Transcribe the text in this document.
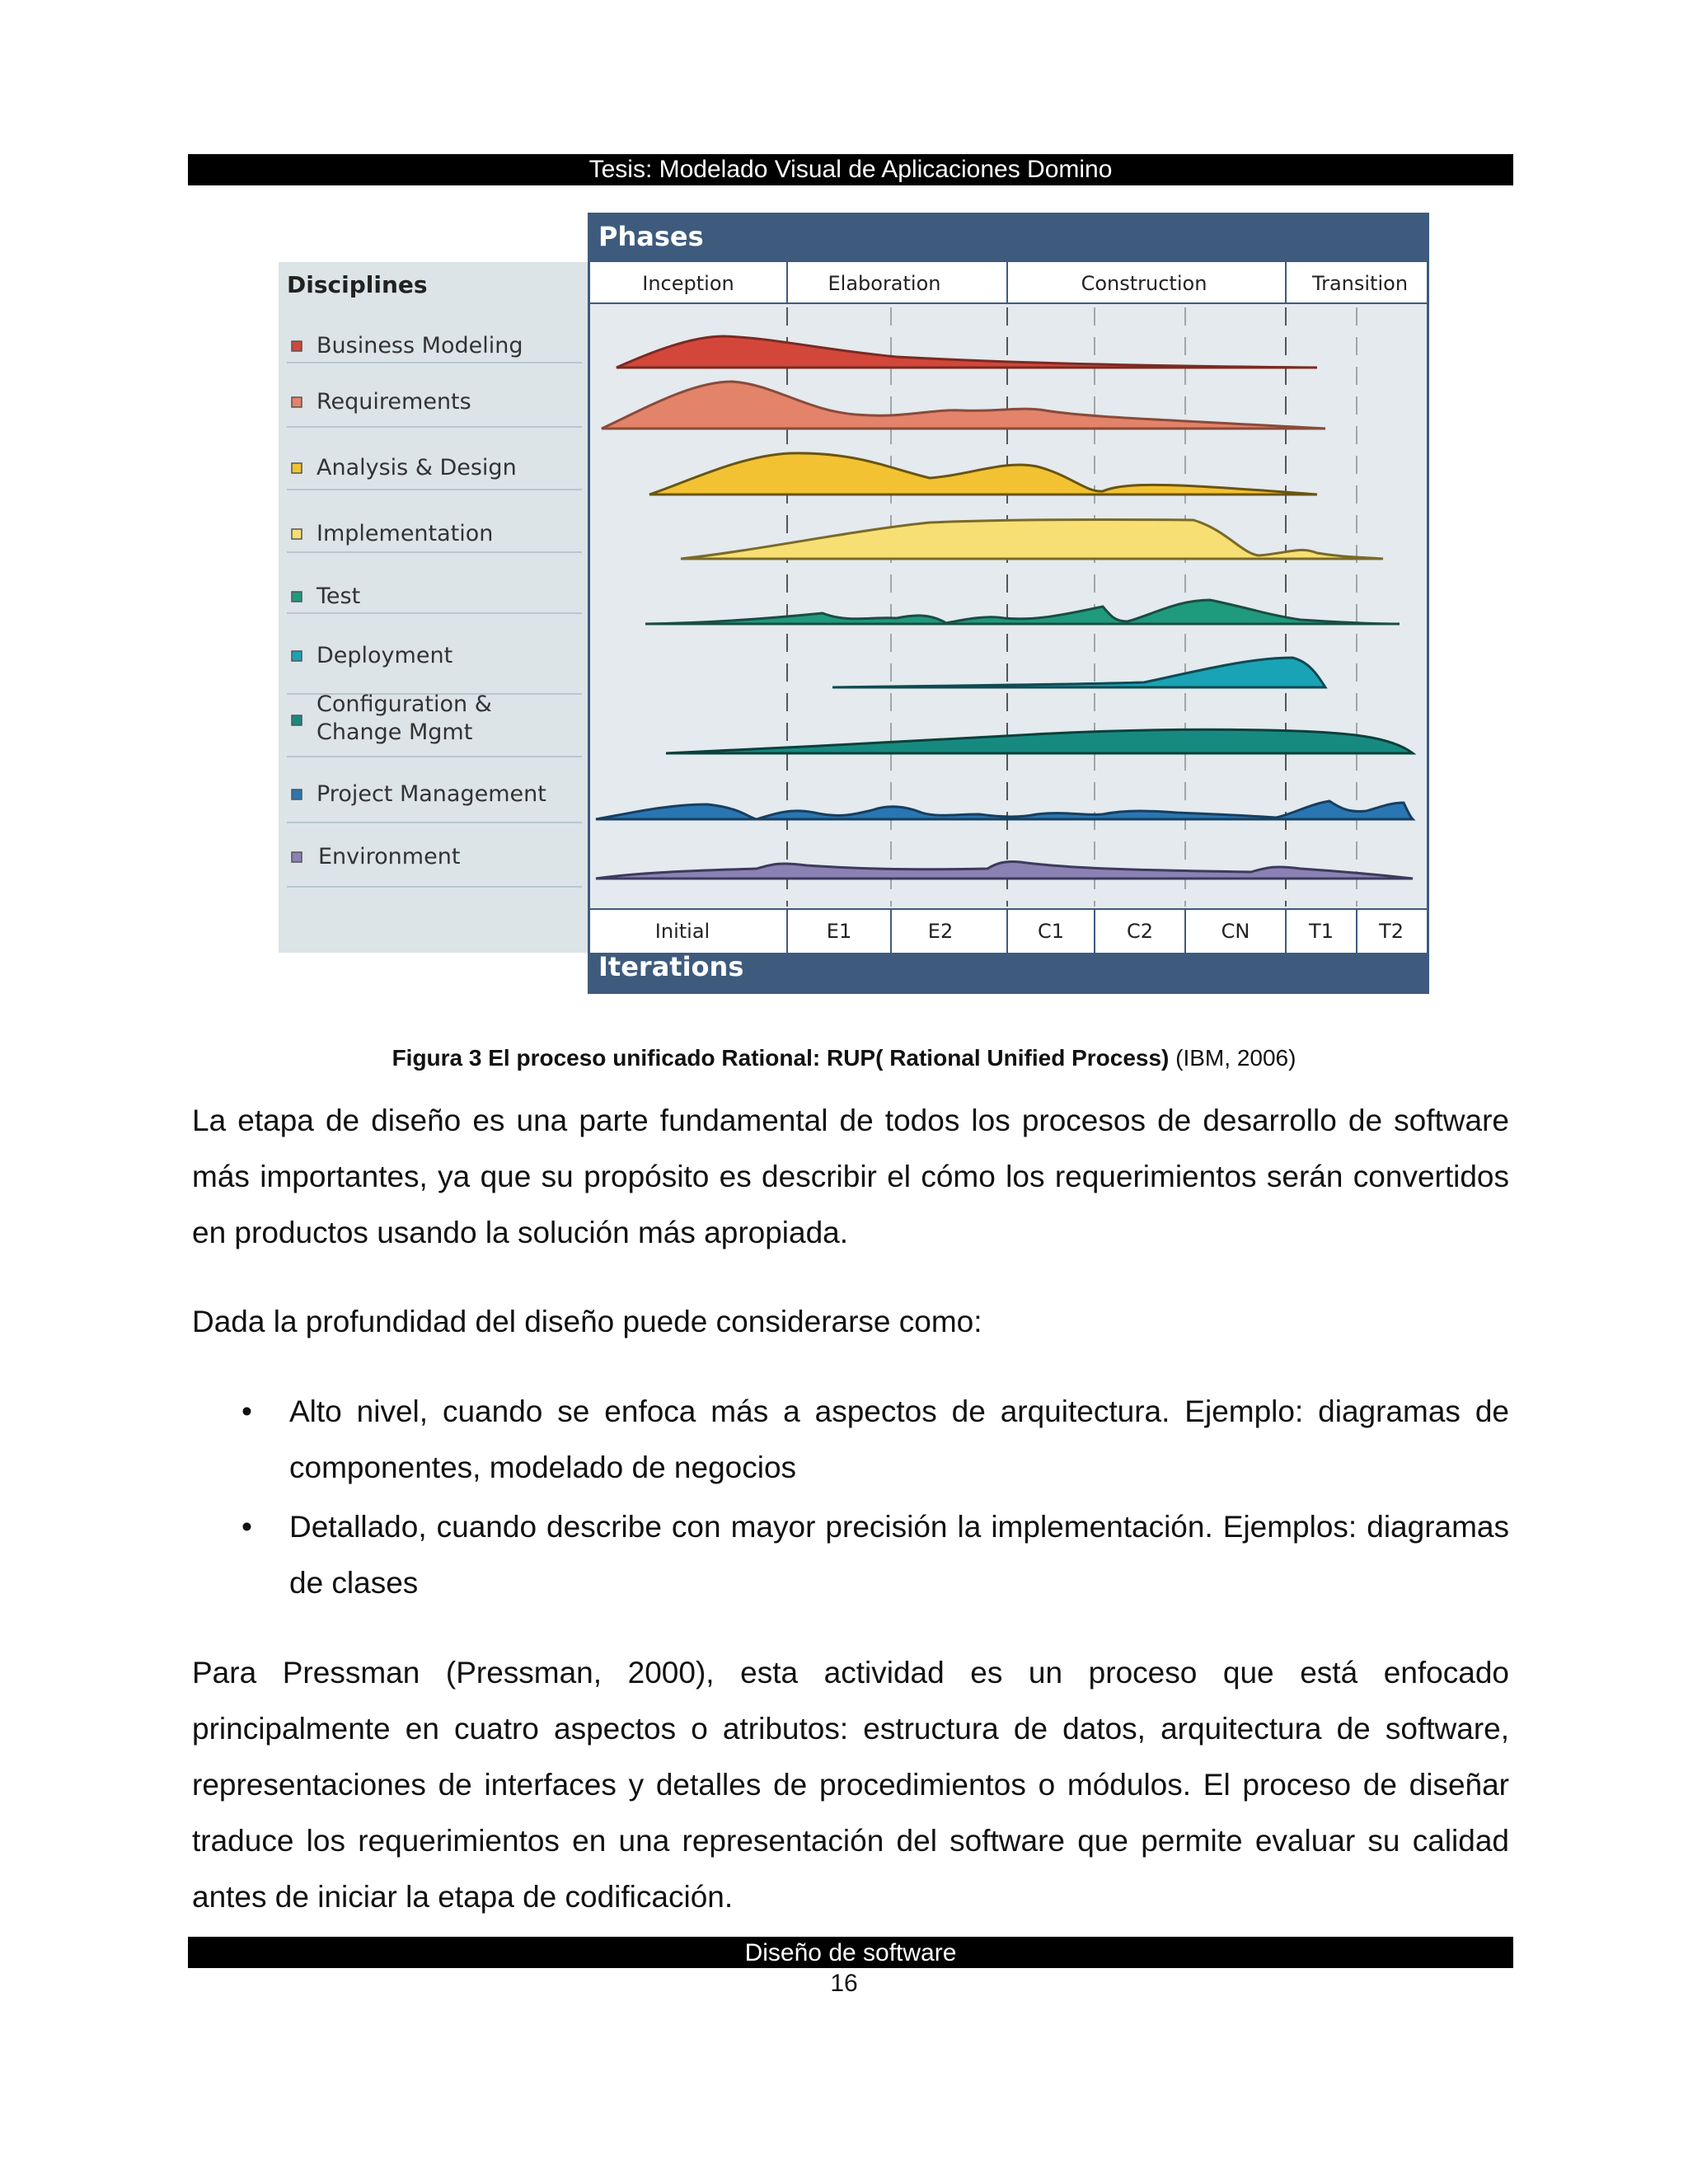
Tesis: Modelado Visual de Aplicaciones Domino
Phases
Iterations
Disciplines	Inception	Elaboration	Construction	Transition
Initial	E1	E2	C1	C2	CN	T1 T2
Business Modeling
Requirements
Analysis & Design
Implementation
Test
Deployment
Configuration & Change Mgmt
Project Management
Environment
Figura 3 El proceso unificado Rational: RUP( Rational Unified Process) (IBM, 2006)
La etapa de diseño es una parte fundamental de todos los procesos de desarrollo de software más importantes, ya que su propósito es describir el cómo los requerimientos serán convertidos en productos usando la solución más apropiada.
Dada la profundidad del diseño puede considerarse como:
• Alto nivel, cuando se enfoca más a aspectos de arquitectura. Ejemplo: diagramas de componentes, modelado de negocios
• Detallado, cuando describe con mayor precisión la implementación. Ejemplos: diagramas de clases
Para Pressman (Pressman, 2000), esta actividad es un proceso que está enfocado principalmente en cuatro aspectos o atributos: estructura de datos, arquitectura de software, representaciones de interfaces y detalles de procedimientos o módulos. El proceso de diseñar traduce los requerimientos en una representación del software que permite evaluar su calidad antes de iniciar la etapa de codificación.
Diseño de software
16
